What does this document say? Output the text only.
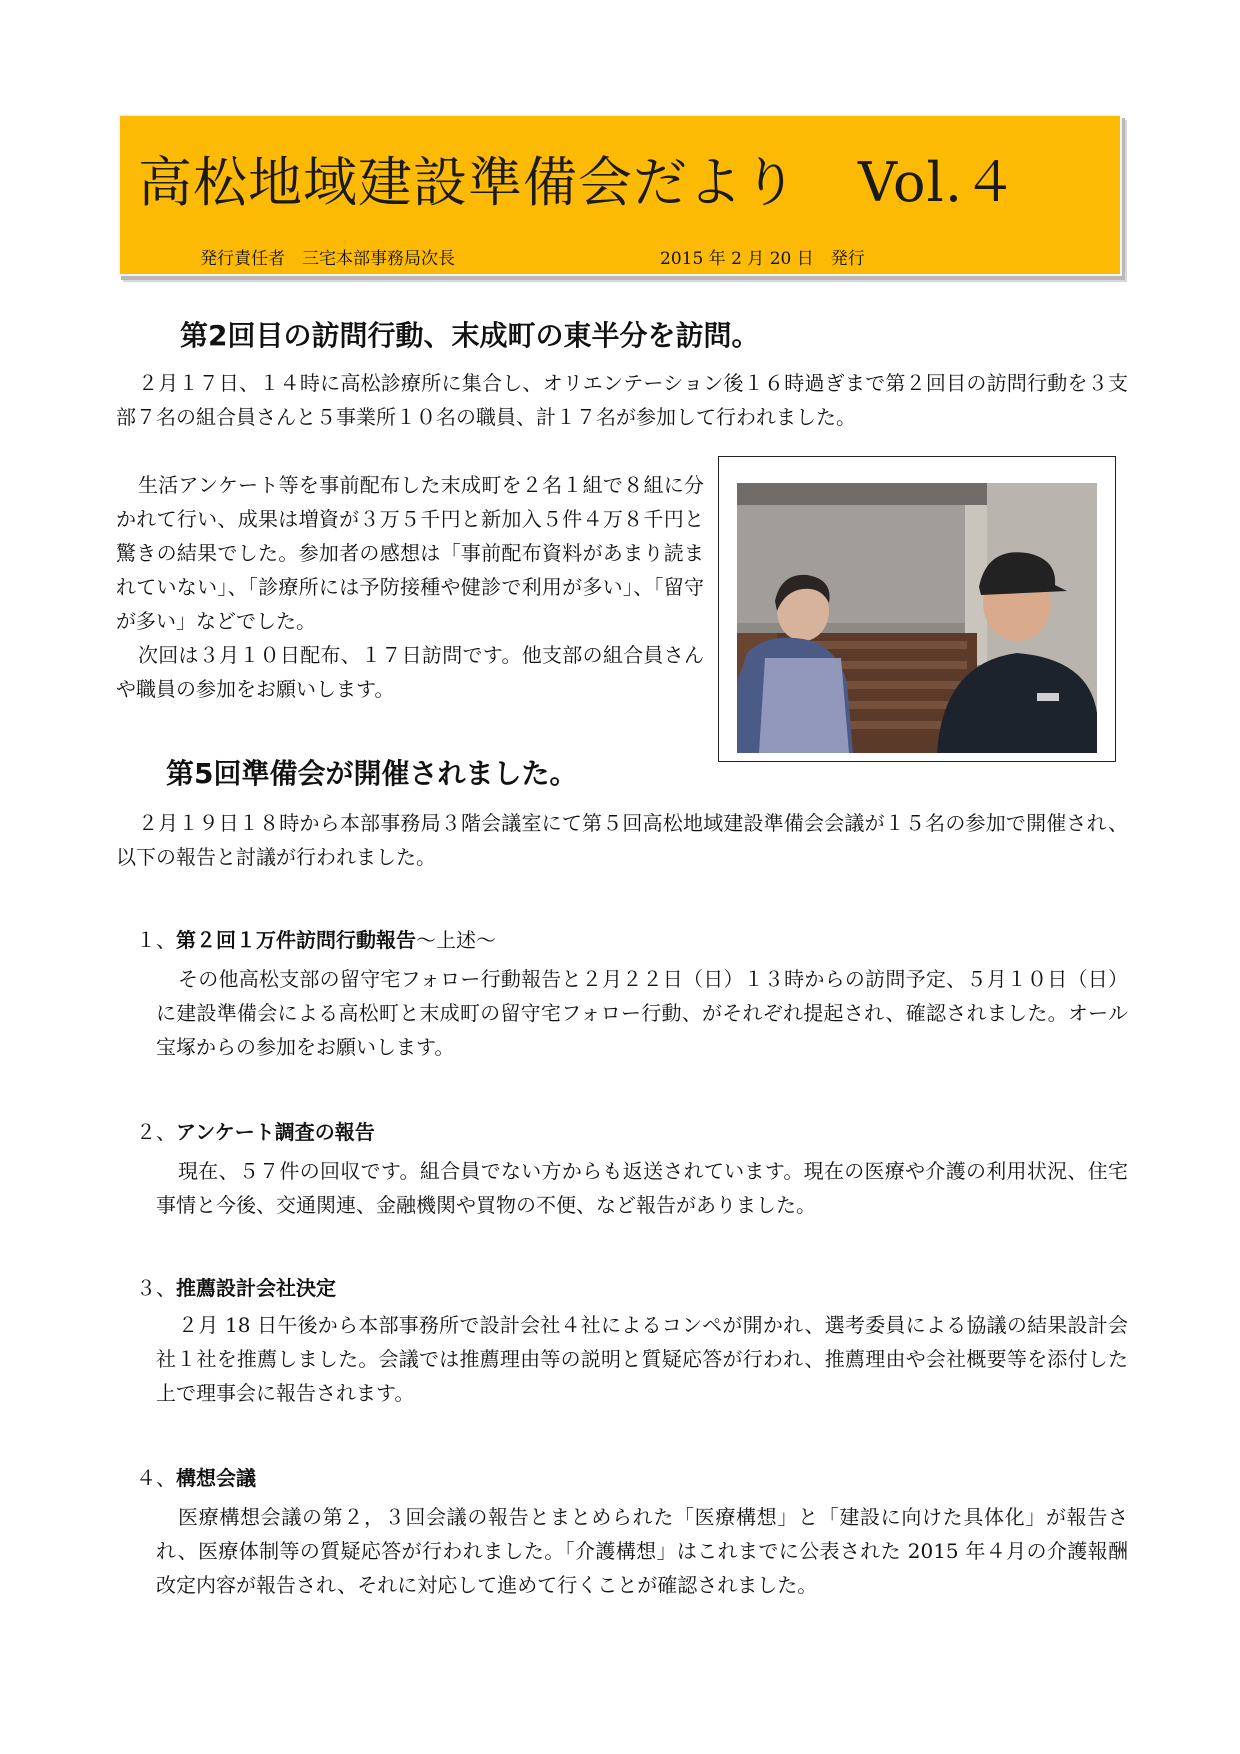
高松地域建設準備会だより Vol.４
発行責任者　三宅本部事務局次長	2015 年 2 月 20 日　発行
第2回目の訪問行動、末成町の東半分を訪問。

２月１７日、１４時に高松診療所に集合し、オリエンテーション後１６時過ぎまで第２回目の訪問行動を３支部７名の組合員さんと５事業所１０名の職員、計１７名が参加して行われました。

生活アンケート等を事前配布した末成町を２名１組で８組に分かれて行い、成果は増資が３万５千円と新加入５件４万８千円と驚きの結果でした。参加者の感想は「事前配布資料があまり読まれていない」、「診療所には予防接種や健診で利用が多い」、「留守が多い」などでした。

次回は３月１０日配布、１７日訪問です。他支部の組合員さんや職員の参加をお願いします。

第5回準備会が開催されました。

２月１９日１８時から本部事務局３階会議室にて第５回高松地域建設準備会会議が１５名の参加で開催され、以下の報告と討議が行われました。

１、第２回１万件訪問行動報告～上述～

その他高松支部の留守宅フォロー行動報告と２月２２日（日）１３時からの訪問予定、５月１０日（日）に建設準備会による高松町と末成町の留守宅フォロー行動、がそれぞれ提起され、確認されました。オール宝塚からの参加をお願いします。

２、アンケート調査の報告

現在、５７件の回収です。組合員でない方からも返送されています。現在の医療や介護の利用状況、住宅事情と今後、交通関連、金融機関や買物の不便、など報告がありました。

３、推薦設計会社決定

２月 18 日午後から本部事務所で設計会社４社によるコンペが開かれ、選考委員による協議の結果設計会社１社を推薦しました。会議では推薦理由等の説明と質疑応答が行われ、推薦理由や会社概要等を添付した上で理事会に報告されます。

４、構想会議

医療構想会議の第２，３回会議の報告とまとめられた「医療構想」と「建設に向けた具体化」が報告され、医療体制等の質疑応答が行われました。「介護構想」はこれまでに公表された 2015 年４月の介護報酬改定内容が報告され、それに対応して進めて行くことが確認されました。
